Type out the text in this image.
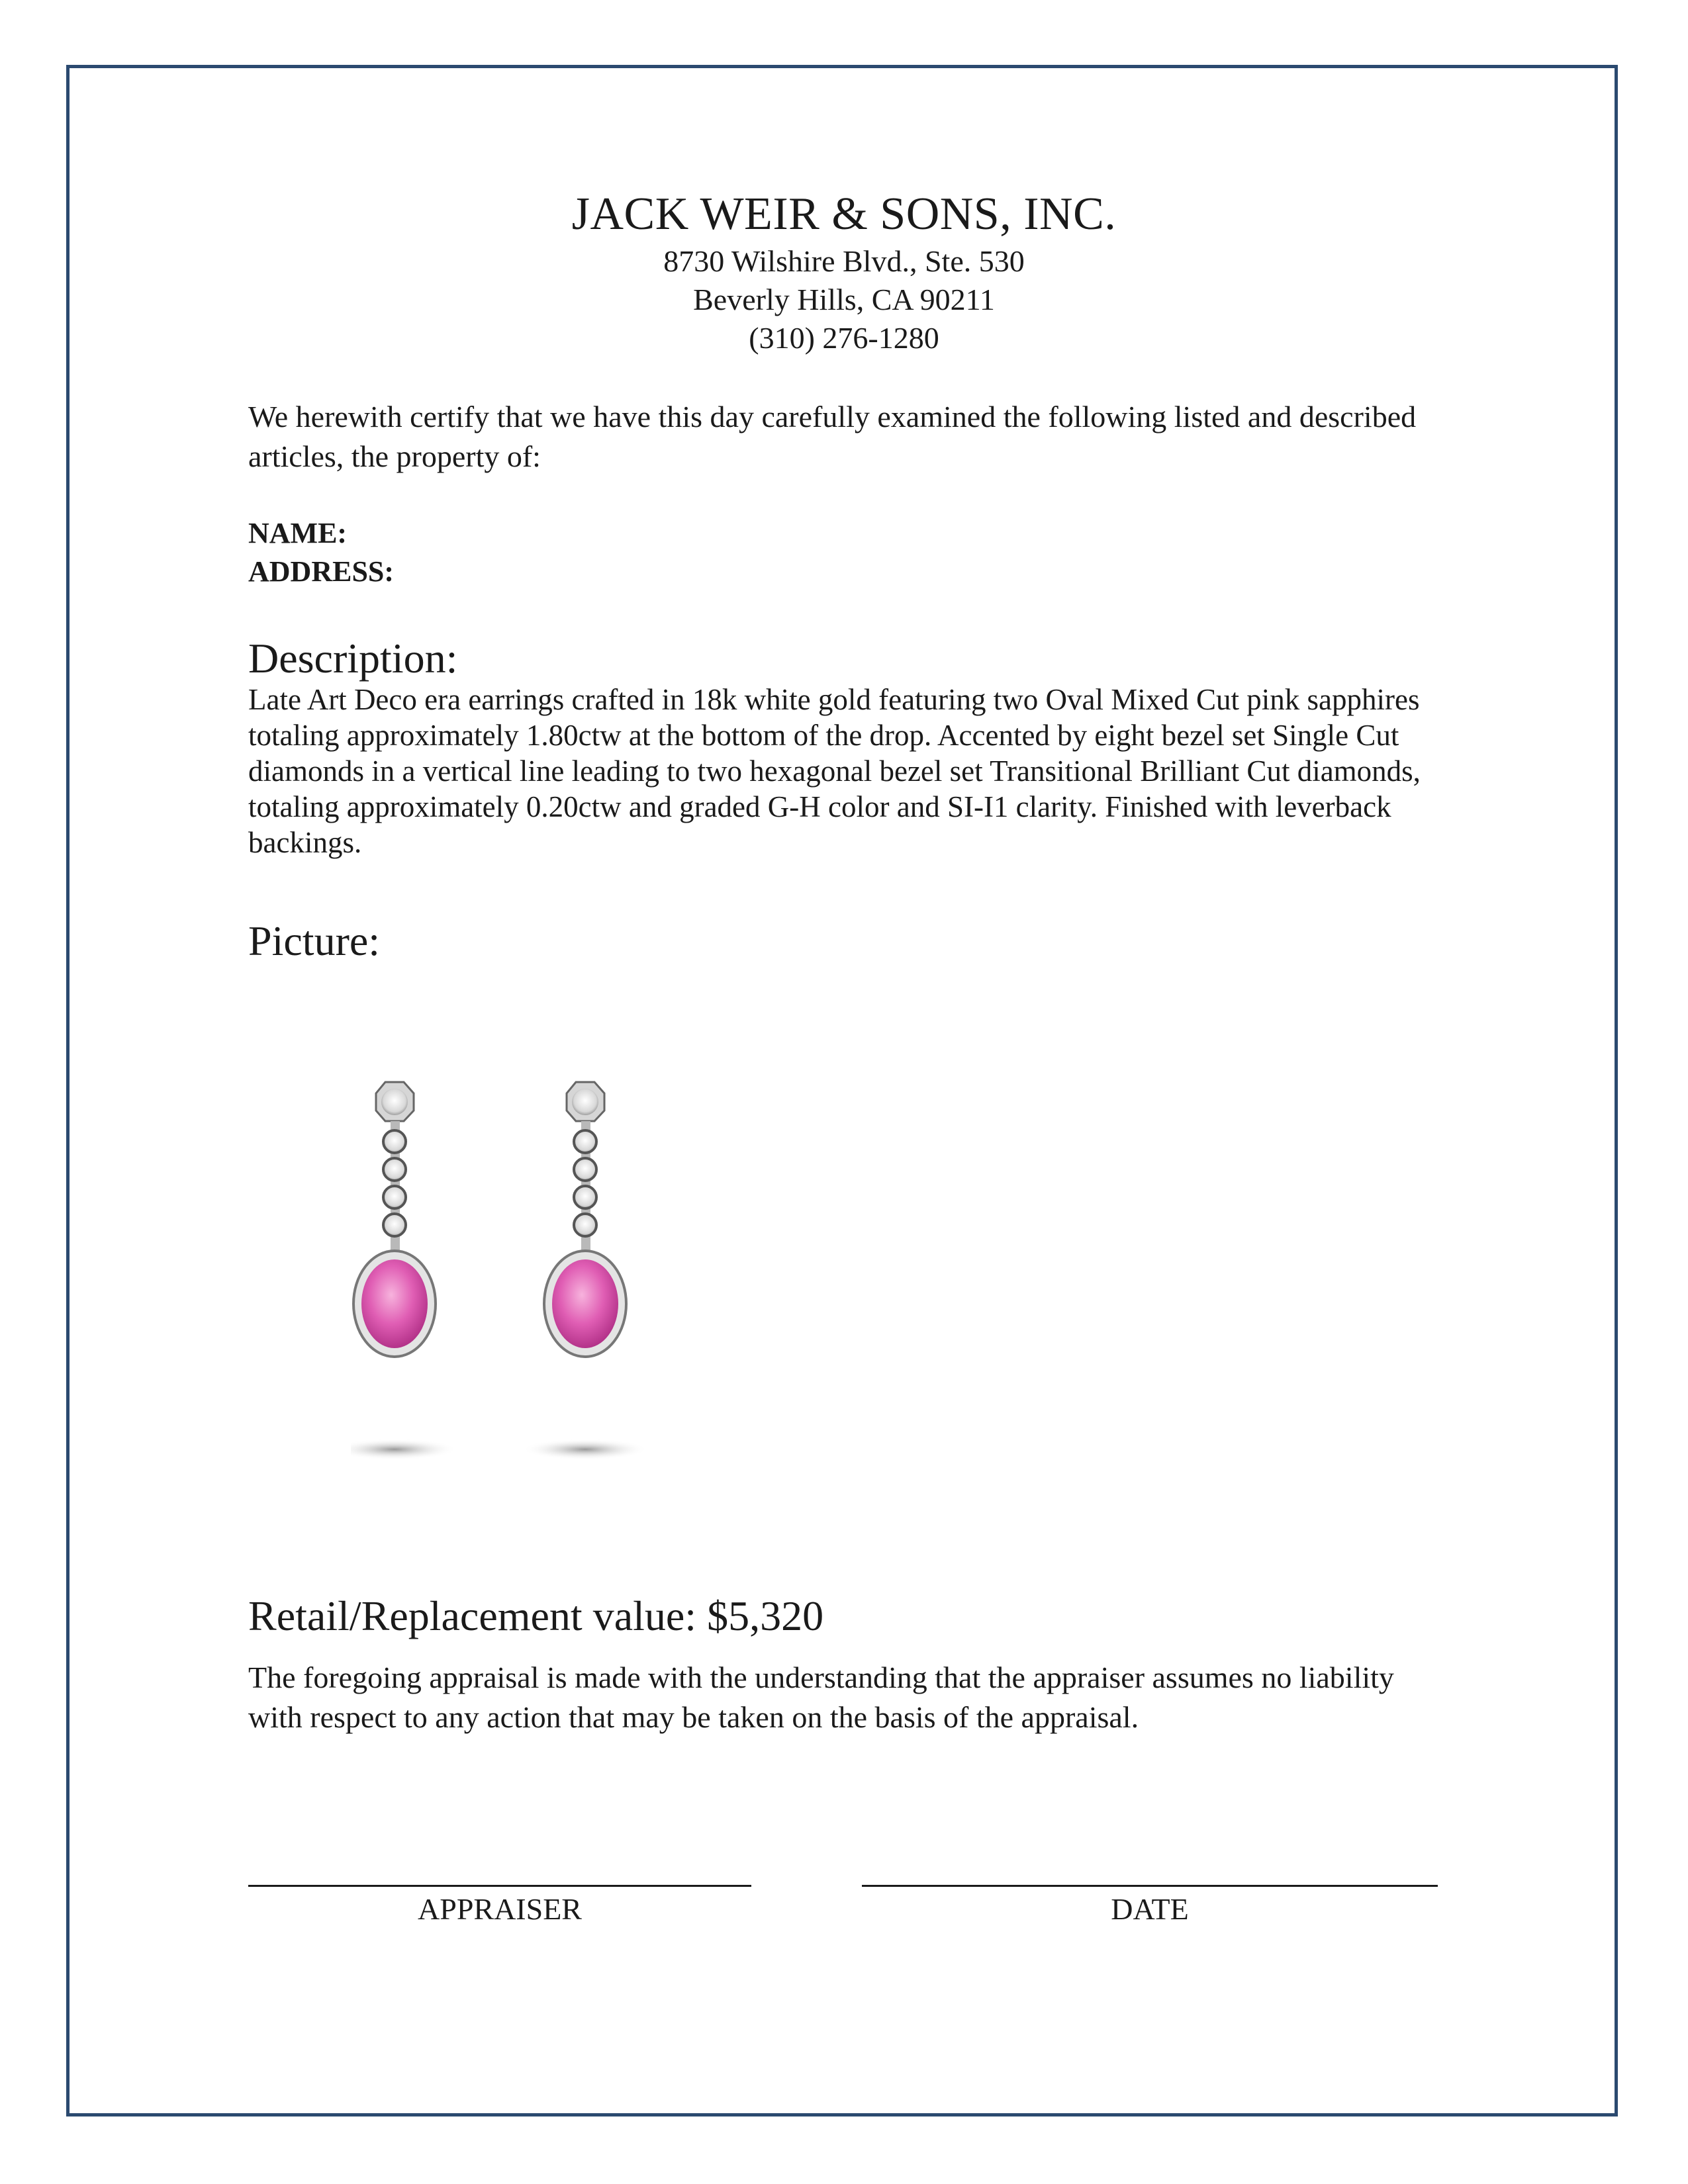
JACK WEIR & SONS, INC.
8730 Wilshire Blvd., Ste. 530
Beverly Hills, CA 90211
(310) 276-1280
We herewith certify that we have this day carefully examined the following listed and described articles, the property of:
NAME:
ADDRESS:
Description:
Late Art Deco era earrings crafted in 18k white gold featuring two Oval Mixed Cut pink sapphires totaling approximately 1.80ctw at the bottom of the drop. Accented by eight bezel set Single Cut diamonds in a vertical line leading to two hexagonal bezel set Transitional Brilliant Cut diamonds, totaling approximately 0.20ctw and graded G-H color and SI-I1 clarity. Finished with leverback backings.
Picture:
Retail/Replacement value: $5,320
The foregoing appraisal is made with the understanding that the appraiser assumes no liability with respect to any action that may be taken on the basis of the appraisal.
APPRAISER	DATE
